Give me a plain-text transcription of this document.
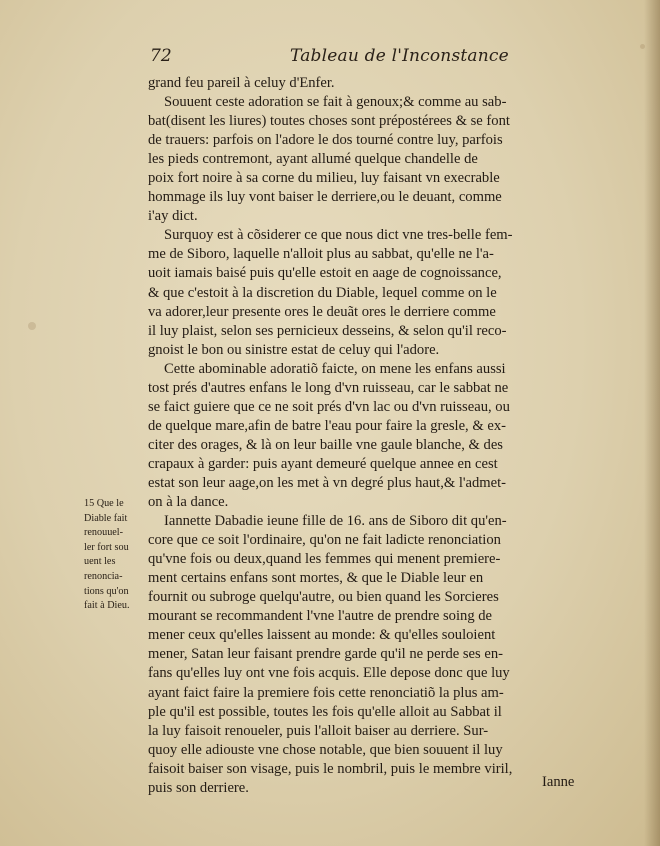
72	Tableau de l'Inconstance
grand feu pareil à celuy d'Enfer.
Souuent ceste adoration se fait à genoux;& comme au sab-
bat(disent les liures) toutes choses sont prépostérees & se font
de trauers: parfois on l'adore le dos tourné contre luy, parfois
les pieds contremont, ayant allumé quelque chandelle de
poix fort noire à sa corne du milieu, luy faisant vn execrable
hommage ils luy vont baiser le derriere,ou le deuant, comme
i'ay dict.
Surquoy est à cõsiderer ce que nous dict vne tres-belle fem-
me de Siboro, laquelle n'alloit plus au sabbat, qu'elle ne l'a-
uoit iamais baisé puis qu'elle estoit en aage de cognoissance,
& que c'estoit à la discretion du Diable, lequel comme on le
va adorer,leur presente ores le deuãt ores le derriere comme
il luy plaist, selon ses pernicieux desseins, & selon qu'il reco-
gnoist le bon ou sinistre estat de celuy qui l'adore.
Cette abominable adoratiõ faicte, on mene les enfans aussi
tost prés d'autres enfans le long d'vn ruisseau, car le sabbat ne
se faict guiere que ce ne soit prés d'vn lac ou d'vn ruisseau, ou
de quelque mare,afin de batre l'eau pour faire la gresle, & ex-
citer des orages, & là on leur baille vne gaule blanche, & des
crapaux à garder: puis ayant demeuré quelque annee en cest
estat son leur aage,on les met à vn degré plus haut,& l'admet-
on à la dance.
Iannette Dabadie ieune fille de 16. ans de Siboro dit qu'en-
core que ce soit l'ordinaire, qu'on ne fait ladicte renonciation
qu'vne fois ou deux,quand les femmes qui menent premiere-
ment certains enfans sont mortes, & que le Diable leur en
fournit ou subroge quelqu'autre, ou bien quand les Sorcieres
mourant se recommandent l'vne l'autre de prendre soing de
mener ceux qu'elles laissent au monde: & qu'elles souloient
mener, Satan leur faisant prendre garde qu'il ne perde ses en-
fans qu'elles luy ont vne fois acquis. Elle depose donc que luy
ayant faict faire la premiere fois cette renonciatiõ la plus am-
ple qu'il est possible, toutes les fois qu'elle alloit au Sabbat il
la luy faisoit renoueler, puis l'alloit baiser au derriere. Sur-
quoy elle adiouste vne chose notable, que bien souuent il luy
faisoit baiser son visage, puis le nombril, puis le membre viril,
puis son derriere.
15 Que le
Diable fait
renouuel-
ler fort sou
uent les
renoncia-
tions qu'on
fait à Dieu.
Ianne
